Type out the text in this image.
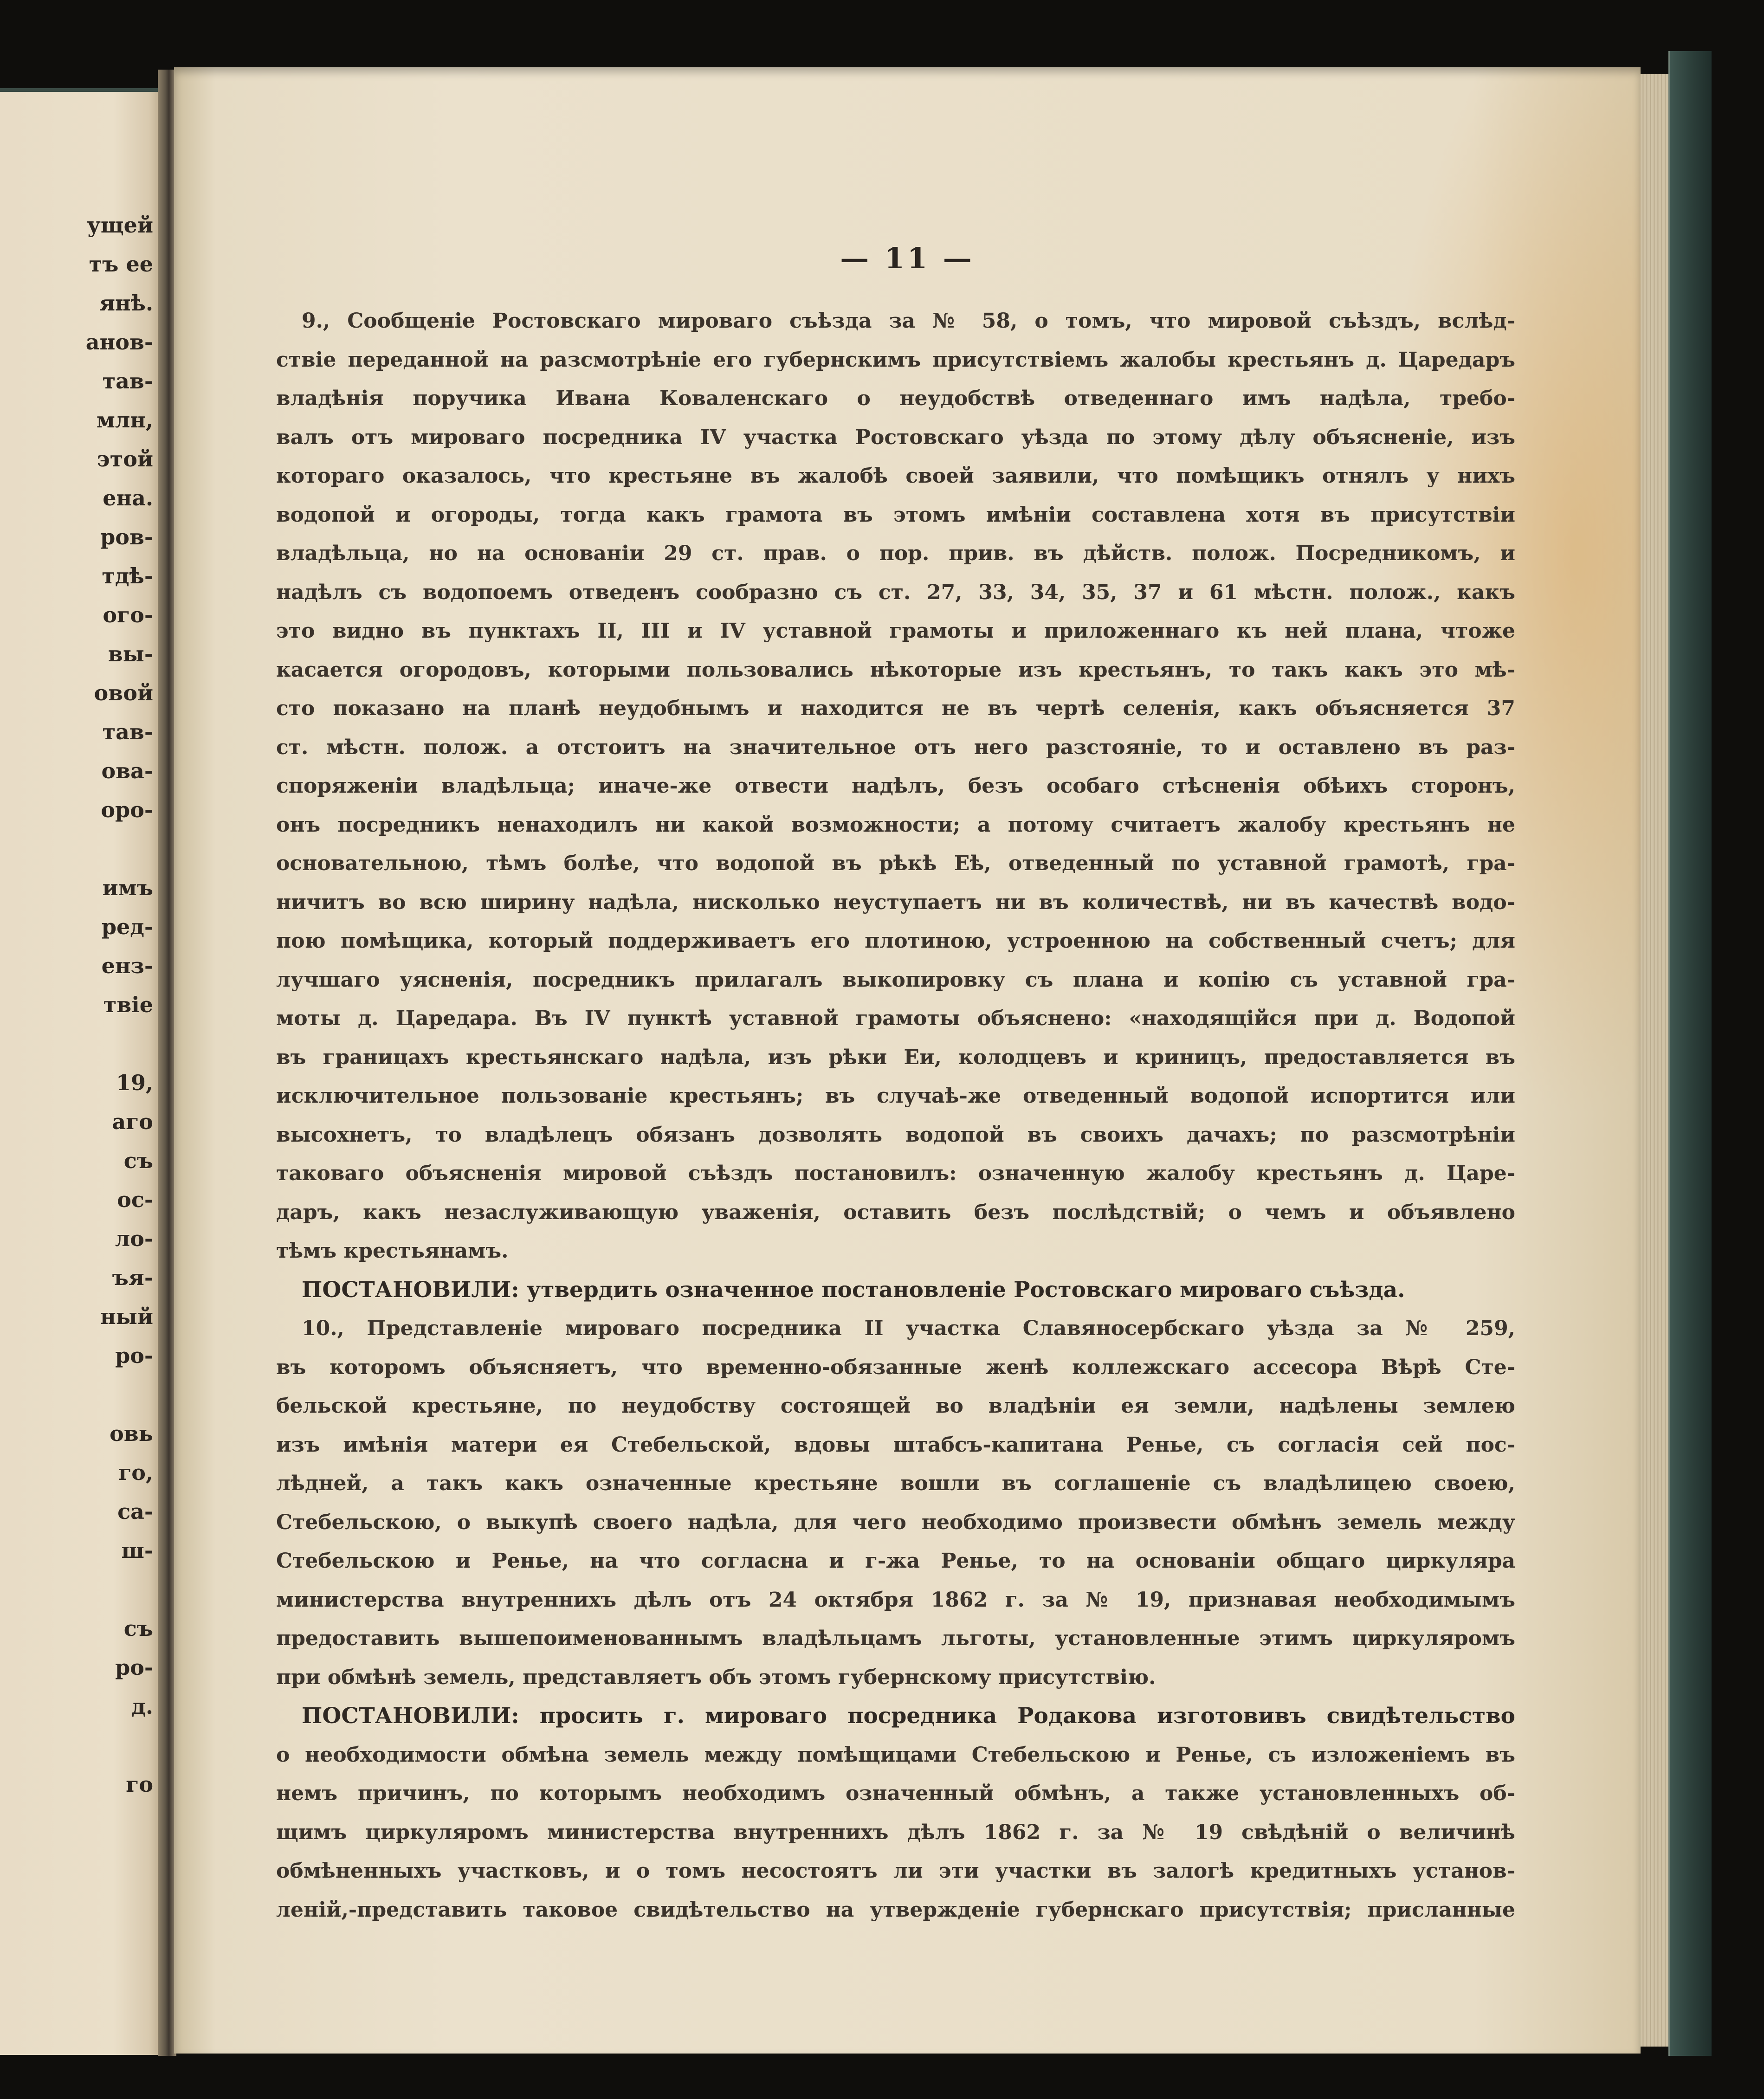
ущей
тъ ее
янѣ.
анов-
тав-
млн,
этой
ена.
ров-
тдѣ-
ого-
вы-
овой
тав-
ова-
оро-
имъ
ред-
енз-
твіе
19,
аго
съ
ос-
ло-
ъя-
ный
ро-
овь
го,
са-
ш-
съ
ро-
д.
го
— 11 —
9., Сообщеніе Ростовскаго мироваго съѣзда за № 58, о томъ, что мировой съѣздъ, вслѣд-
ствіе переданной на разсмотрѣніе его губернскимъ присутствіемъ жалобы крестьянъ д. Царедаръ
владѣнія поручика Ивана Коваленскаго о неудобствѣ отведеннаго имъ надѣла, требо-
валъ отъ мироваго посредника IV участка Ростовскаго уѣзда по этому дѣлу объясненіе, изъ
котораго оказалось, что крестьяне въ жалобѣ своей заявили, что помѣщикъ отнялъ у нихъ
водопой и огороды, тогда какъ грамота въ этомъ имѣніи составлена хотя въ присутствіи
владѣльца, но на основаніи 29 ст. прав. о пор. прив. въ дѣйств. полож. Посредникомъ, и
надѣлъ съ водопоемъ отведенъ сообразно съ ст. 27, 33, 34, 35, 37 и 61 мѣстн. полож., какъ
это видно въ пунктахъ II, III и IV уставной грамоты и приложеннаго къ ней плана, чтоже
касается огородовъ, которыми пользовались нѣкоторые изъ крестьянъ, то такъ какъ это мѣ-
сто показано на планѣ неудобнымъ и находится не въ чертѣ селенія, какъ объясняется 37
ст. мѣстн. полож. а отстоитъ на значительное отъ него разстояніе, то и оставлено въ раз-
споряженіи владѣльца; иначе-же отвести надѣлъ, безъ особаго стѣсненія обѣихъ сторонъ,
онъ посредникъ ненаходилъ ни какой возможности; а потому считаетъ жалобу крестьянъ не
основательною, тѣмъ болѣе, что водопой въ рѣкѣ Еѣ, отведенный по уставной грамотѣ, гра-
ничитъ во всю ширину надѣла, нисколько неуступаетъ ни въ количествѣ, ни въ качествѣ водо-
пою помѣщика, который поддерживаетъ его плотиною, устроенною на собственный счетъ; для
лучшаго уясненія, посредникъ прилагалъ выкопировку съ плана и копію съ уставной гра-
моты д. Царедара. Въ IV пунктѣ уставной грамоты объяснено: «находящійся при д. Водопой
въ границахъ крестьянскаго надѣла, изъ рѣки Еи, колодцевъ и криницъ, предоставляется въ
исключительное пользованіе крестьянъ; въ случаѣ-же отведенный водопой испортится или
высохнетъ, то владѣлецъ обязанъ дозволять водопой въ своихъ дачахъ; по разсмотрѣніи
таковаго объясненія мировой съѣздъ постановилъ: означенную жалобу крестьянъ д. Царе-
даръ, какъ незаслуживающую уваженія, оставить безъ послѣдствій; о чемъ и объявлено
тѣмъ крестьянамъ.
ПОСТАНОВИЛИ: утвердить означенное постановленіе Ростовскаго мироваго съѣзда.
10., Представленіе мироваго посредника II участка Славяносербскаго уѣзда за № 259,
въ которомъ объясняетъ, что временно-обязанные женѣ коллежскаго ассесора Вѣрѣ Сте-
бельской крестьяне, по неудобству состоящей во владѣніи ея земли, надѣлены землею
изъ имѣнія матери ея Стебельской, вдовы штабсъ-капитана Ренье, съ согласія сей пос-
лѣдней, а такъ какъ означенные крестьяне вошли въ соглашеніе съ владѣлицею своею,
Стебельскою, о выкупѣ своего надѣла, для чего необходимо произвести обмѣнъ земель между
Стебельскою и Ренье, на что согласна и г-жа Ренье, то на основаніи общаго циркуляра
министерства внутреннихъ дѣлъ отъ 24 октября 1862 г. за № 19, признавая необходимымъ
предоставить вышепоименованнымъ владѣльцамъ льготы, установленные этимъ циркуляромъ
при обмѣнѣ земель, представляетъ объ этомъ губернскому присутствію.
ПОСТАНОВИЛИ: просить г. мироваго посредника Родакова изготовивъ свидѣтельство
о необходимости обмѣна земель между помѣщицами Стебельскою и Ренье, съ изложеніемъ въ
немъ причинъ, по которымъ необходимъ означенный обмѣнъ, а также установленныхъ об-
щимъ циркуляромъ министерства внутреннихъ дѣлъ 1862 г. за № 19 свѣдѣній о величинѣ
обмѣненныхъ участковъ, и о томъ несостоятъ ли эти участки въ залогѣ кредитныхъ установ-
леній,-представить таковое свидѣтельство на утвержденіе губернскаго присутствія; присланные
